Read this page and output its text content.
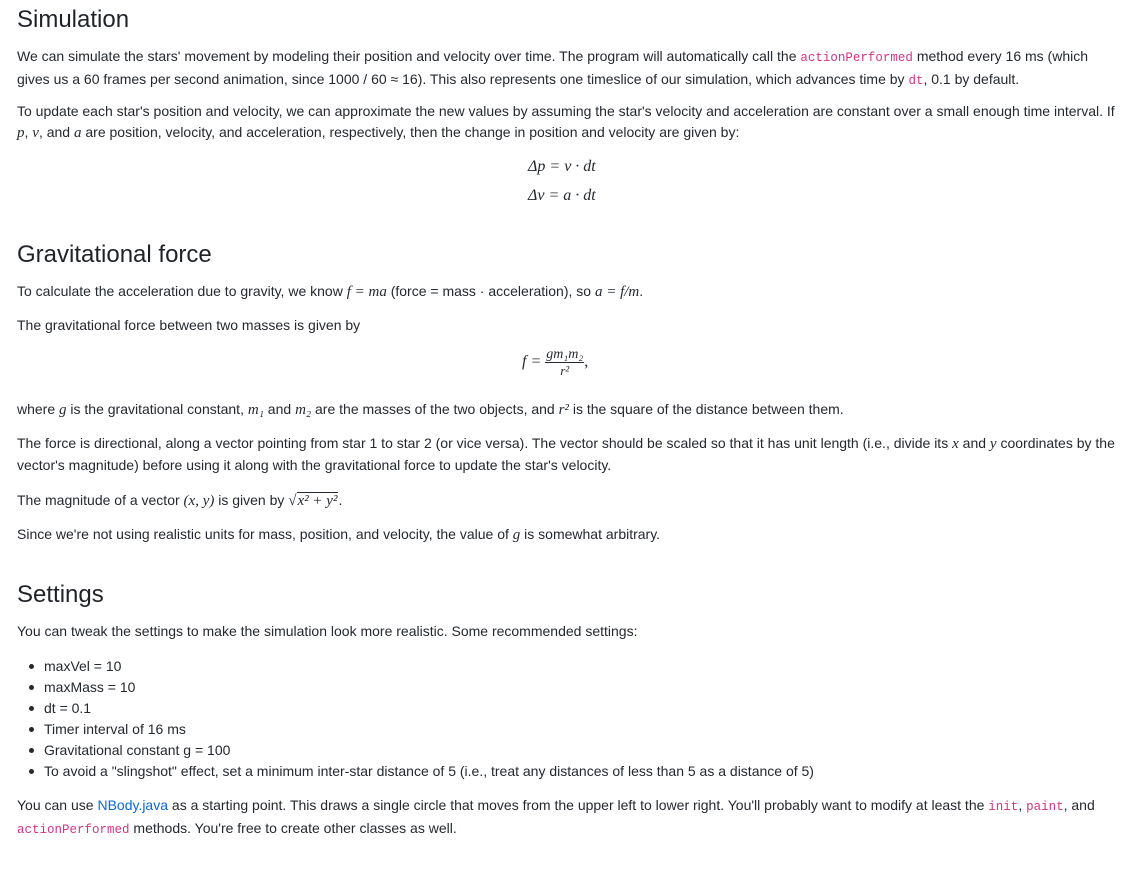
Simulation

We can simulate the stars' movement by modeling their position and velocity over time. The program will automatically call the actionPerformed method every 16 ms (which gives us a 60 frames per second animation, since 1000 / 60 ≈ 16). This also represents one timeslice of our simulation, which advances time by dt, 0.1 by default.

To update each star's position and velocity, we can approximate the new values by assuming the star's velocity and acceleration are constant over a small enough time interval. If p, v, and a are position, velocity, and acceleration, respectively, then the change in position and velocity are given by:

Δp = v · dt
Δv = a · dt
Gravitational force

To calculate the acceleration due to gravity, we know f = ma (force = mass · acceleration), so a = f/m.

The gravitational force between two masses is given by

$f = \frac{\text{gm₁m₂}}{\text{r²}}$ ,

where g is the gravitational constant, m₁ and m₂ are the masses of the two objects, and r² is the square of the distance between them.

The force is directional, along a vector pointing from star 1 to star 2 (or vice versa). The vector should be scaled so that it has unit length (i.e., divide its x and y coordinates by the vector's magnitude) before using it along with the gravitational force to update the star's velocity.

The magnitude of a vector (x, y) is given by √x² + y².

Since we're not using realistic units for mass, position, and velocity, the value of g is somewhat arbitrary.

Settings

You can tweak the settings to make the simulation look more realistic. Some recommended settings:

maxVel = 10
maxMass = 10
dt = 0.1
Timer interval of 16 ms
Gravitational constant g = 100
To avoid a "slingshot" effect, set a minimum inter-star distance of 5 (i.e., treat any distances of less than 5 as a distance of 5)

You can use NBody.java as a starting point. This draws a single circle that moves from the upper left to lower right. You'll probably want to modify at least the init, paint, and actionPerformed methods. You're free to create other classes as well.
